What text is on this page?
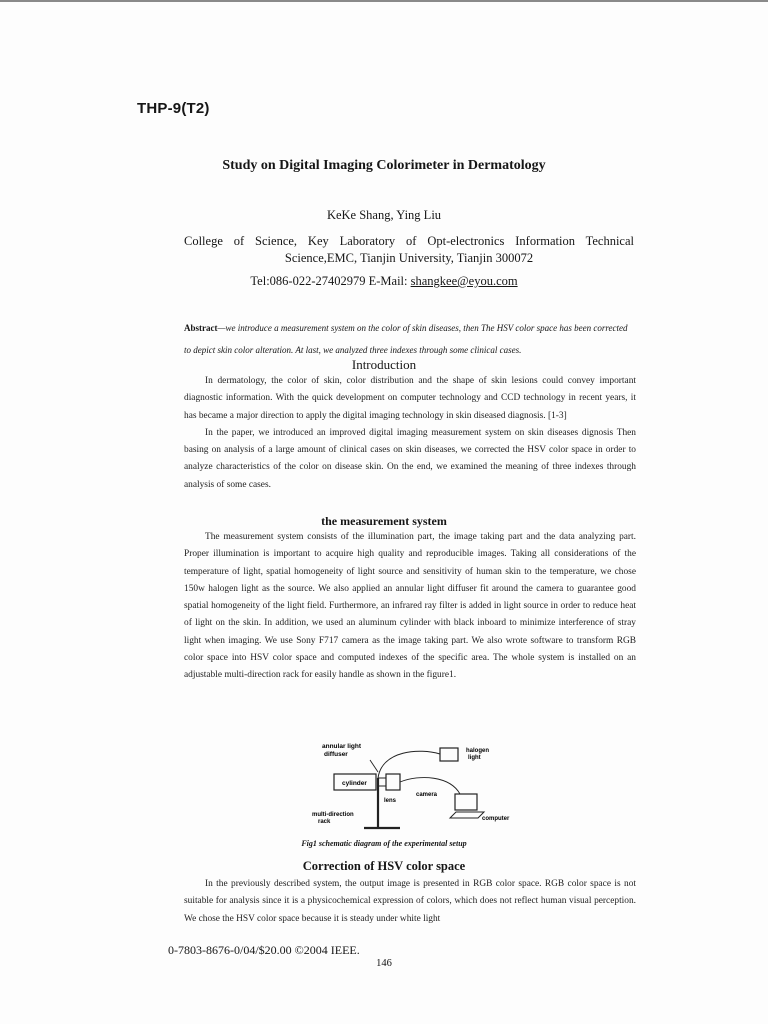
THP-9(T2)
Study on Digital Imaging Colorimeter in Dermatology
KeKe Shang, Ying Liu
College of Science, Key Laboratory of Opt-electronics Information Technical Science,EMC, Tianjin University, Tianjin 300072
Tel:086-022-27402979 E-Mail: shangkee@eyou.com
Abstract—we introduce a measurement system on the color of skin diseases, then The HSV color space has been corrected to depict skin color alteration. At last, we analyzed three indexes through some clinical cases.
Introduction

In dermatology, the color of skin, color distribution and the shape of skin lesions could convey important diagnostic information. With the quick development on computer technology and CCD technology in recent years, it has became a major direction to apply the digital imaging technology in skin diseased diagnosis. [1-3]

In the paper, we introduced an improved digital imaging measurement system on skin diseases dignosis Then basing on analysis of a large amount of clinical cases on skin diseases, we corrected the HSV color space in order to analyze characteristics of the color on disease skin. On the end, we examined the meaning of three indexes through analysis of some cases.

the measurement system

The measurement system consists of the illumination part, the image taking part and the data analyzing part. Proper illumination is important to acquire high quality and reproducible images. Taking all considerations of the temperature of light, spatial homogeneity of light source and sensitivity of human skin to the temperature, we chose 150w halogen light as the source. We also applied an annular light diffuser fit around the camera to guarantee good spatial homogeneity of the light field. Furthermore, an infrared ray filter is added in light source in order to reduce heat of light on the skin. In addition, we used an aluminum cylinder with black inboard to minimize interference of stray light when imaging. We use Sony F717 camera as the image taking part. We also wrote software to transform RGB color space into HSV color space and computed indexes of the specific area. The whole system is installed on an adjustable multi-direction rack for easily handle as shown in the figure1.

annular light
diffuser	halogen
light
cylinder
lens
camera
computer
multi-direction
rack
Fig1 schematic diagram of the experimental setup
Correction of HSV color space

In the previously described system, the output image is presented in RGB color space. RGB color space is not suitable for analysis since it is a physicochemical expression of colors, which does not reflect human visual perception. We chose the HSV color space because it is steady under white light

0-7803-8676-0/04/$20.00 ©2004 IEEE.
146
